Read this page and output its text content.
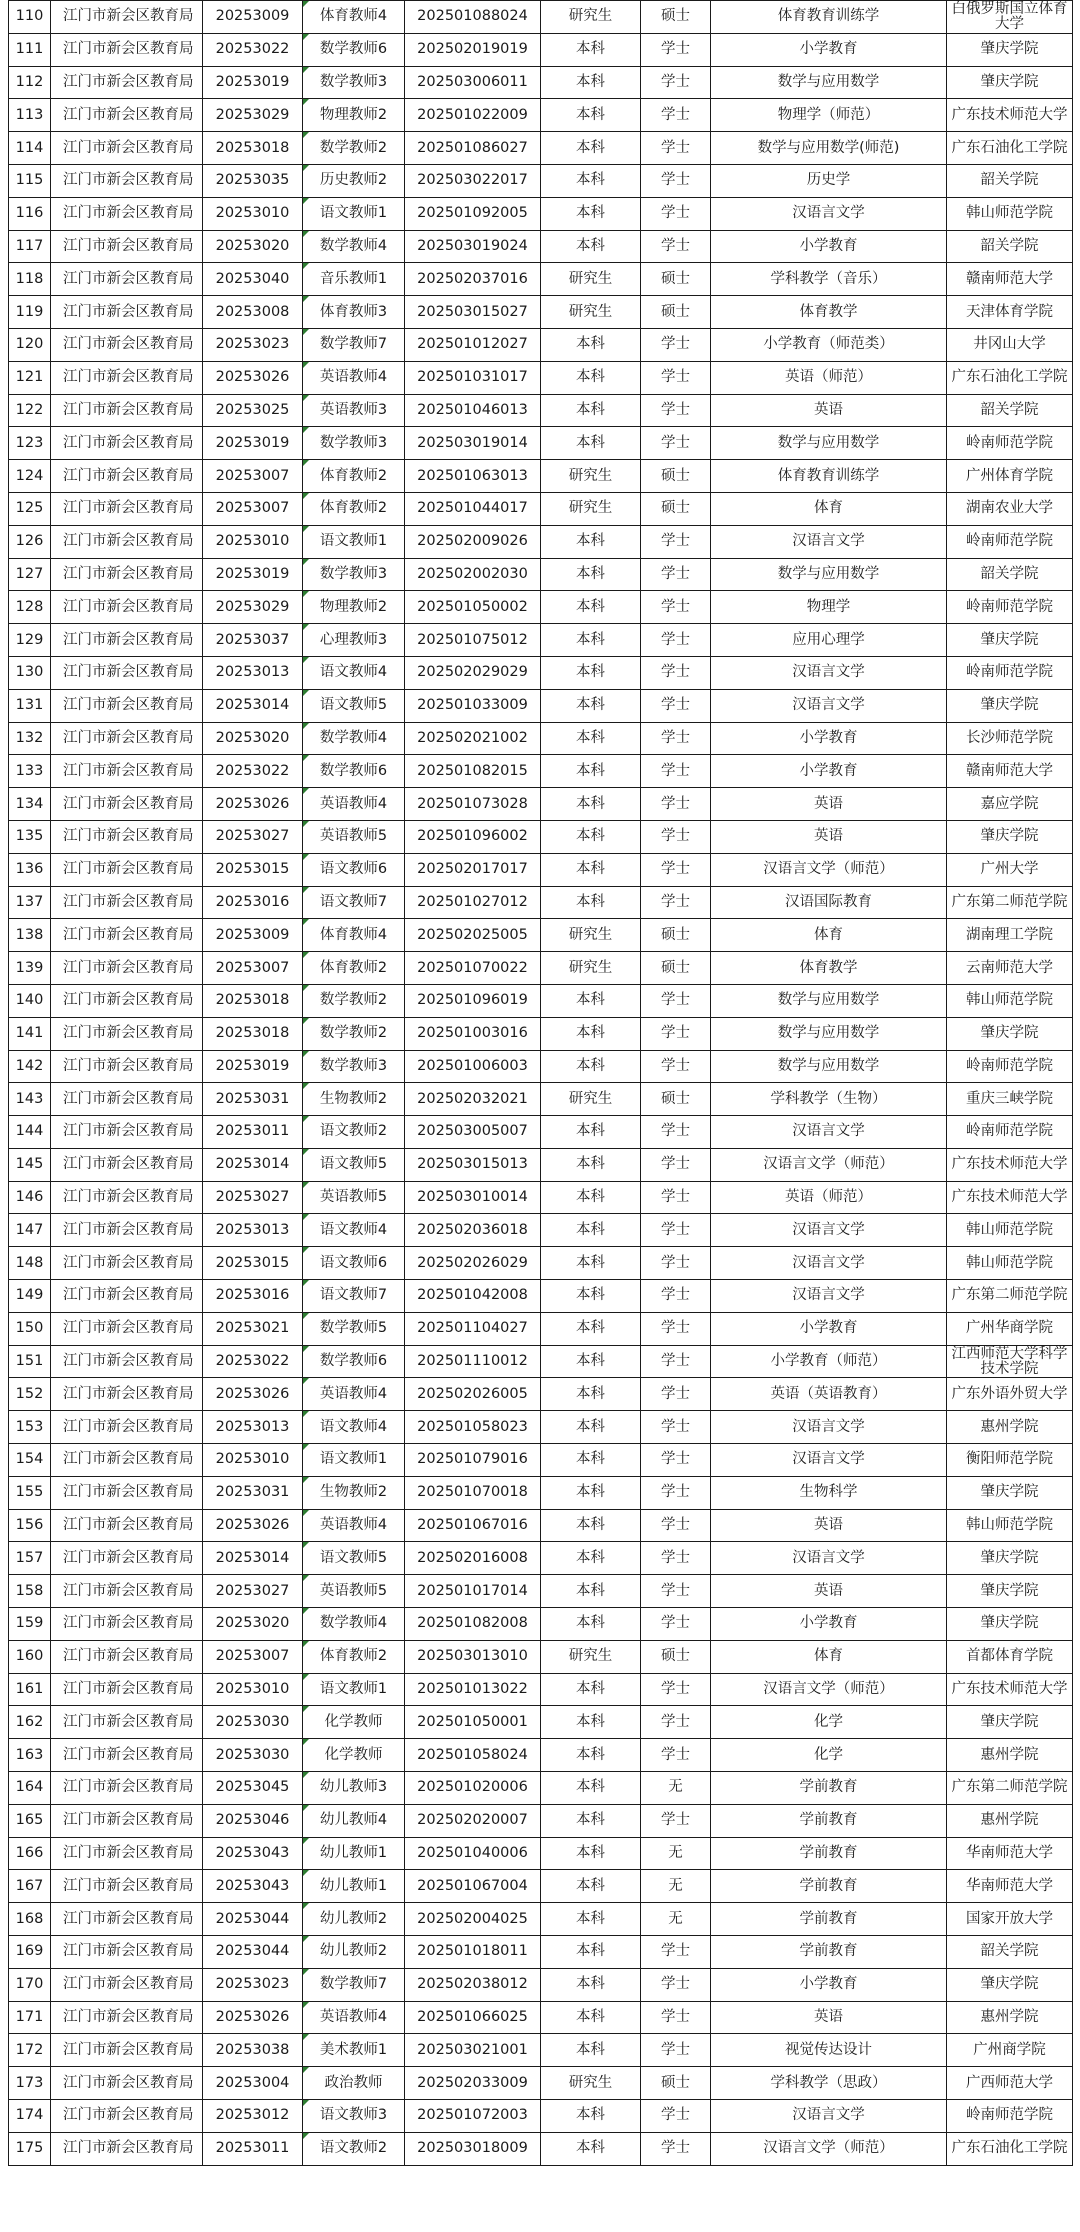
110	江门市新会区教育局	20253009	体育教师4	202501088024	研究生	硕士	体育教育训练学	白俄罗斯国立体育大学
111	江门市新会区教育局	20253022	数学教师6	202502019019	本科	学士	小学教育	肇庆学院
112	江门市新会区教育局	20253019	数学教师3	202503006011	本科	学士	数学与应用数学	肇庆学院
113	江门市新会区教育局	20253029	物理教师2	202501022009	本科	学士	物理学（师范）	广东技术师范大学
114	江门市新会区教育局	20253018	数学教师2	202501086027	本科	学士	数学与应用数学(师范)	广东石油化工学院
115	江门市新会区教育局	20253035	历史教师2	202503022017	本科	学士	历史学	韶关学院
116	江门市新会区教育局	20253010	语文教师1	202501092005	本科	学士	汉语言文学	韩山师范学院
117	江门市新会区教育局	20253020	数学教师4	202503019024	本科	学士	小学教育	韶关学院
118	江门市新会区教育局	20253040	音乐教师1	202502037016	研究生	硕士	学科教学（音乐）	赣南师范大学
119	江门市新会区教育局	20253008	体育教师3	202503015027	研究生	硕士	体育教学	天津体育学院
120	江门市新会区教育局	20253023	数学教师7	202501012027	本科	学士	小学教育（师范类）	井冈山大学
121	江门市新会区教育局	20253026	英语教师4	202501031017	本科	学士	英语（师范）	广东石油化工学院
122	江门市新会区教育局	20253025	英语教师3	202501046013	本科	学士	英语	韶关学院
123	江门市新会区教育局	20253019	数学教师3	202503019014	本科	学士	数学与应用数学	岭南师范学院
124	江门市新会区教育局	20253007	体育教师2	202501063013	研究生	硕士	体育教育训练学	广州体育学院
125	江门市新会区教育局	20253007	体育教师2	202501044017	研究生	硕士	体育	湖南农业大学
126	江门市新会区教育局	20253010	语文教师1	202502009026	本科	学士	汉语言文学	岭南师范学院
127	江门市新会区教育局	20253019	数学教师3	202502002030	本科	学士	数学与应用数学	韶关学院
128	江门市新会区教育局	20253029	物理教师2	202501050002	本科	学士	物理学	岭南师范学院
129	江门市新会区教育局	20253037	心理教师3	202501075012	本科	学士	应用心理学	肇庆学院
130	江门市新会区教育局	20253013	语文教师4	202502029029	本科	学士	汉语言文学	岭南师范学院
131	江门市新会区教育局	20253014	语文教师5	202501033009	本科	学士	汉语言文学	肇庆学院
132	江门市新会区教育局	20253020	数学教师4	202502021002	本科	学士	小学教育	长沙师范学院
133	江门市新会区教育局	20253022	数学教师6	202501082015	本科	学士	小学教育	赣南师范大学
134	江门市新会区教育局	20253026	英语教师4	202501073028	本科	学士	英语	嘉应学院
135	江门市新会区教育局	20253027	英语教师5	202501096002	本科	学士	英语	肇庆学院
136	江门市新会区教育局	20253015	语文教师6	202502017017	本科	学士	汉语言文学（师范）	广州大学
137	江门市新会区教育局	20253016	语文教师7	202501027012	本科	学士	汉语国际教育	广东第二师范学院
138	江门市新会区教育局	20253009	体育教师4	202502025005	研究生	硕士	体育	湖南理工学院
139	江门市新会区教育局	20253007	体育教师2	202501070022	研究生	硕士	体育教学	云南师范大学
140	江门市新会区教育局	20253018	数学教师2	202501096019	本科	学士	数学与应用数学	韩山师范学院
141	江门市新会区教育局	20253018	数学教师2	202501003016	本科	学士	数学与应用数学	肇庆学院
142	江门市新会区教育局	20253019	数学教师3	202501006003	本科	学士	数学与应用数学	岭南师范学院
143	江门市新会区教育局	20253031	生物教师2	202502032021	研究生	硕士	学科教学（生物）	重庆三峡学院
144	江门市新会区教育局	20253011	语文教师2	202503005007	本科	学士	汉语言文学	岭南师范学院
145	江门市新会区教育局	20253014	语文教师5	202503015013	本科	学士	汉语言文学（师范）	广东技术师范大学
146	江门市新会区教育局	20253027	英语教师5	202503010014	本科	学士	英语（师范）	广东技术师范大学
147	江门市新会区教育局	20253013	语文教师4	202502036018	本科	学士	汉语言文学	韩山师范学院
148	江门市新会区教育局	20253015	语文教师6	202502026029	本科	学士	汉语言文学	韩山师范学院
149	江门市新会区教育局	20253016	语文教师7	202501042008	本科	学士	汉语言文学	广东第二师范学院
150	江门市新会区教育局	20253021	数学教师5	202501104027	本科	学士	小学教育	广州华商学院
151	江门市新会区教育局	20253022	数学教师6	202501110012	本科	学士	小学教育（师范）	江西师范大学科学技术学院
152	江门市新会区教育局	20253026	英语教师4	202502026005	本科	学士	英语（英语教育）	广东外语外贸大学
153	江门市新会区教育局	20253013	语文教师4	202501058023	本科	学士	汉语言文学	惠州学院
154	江门市新会区教育局	20253010	语文教师1	202501079016	本科	学士	汉语言文学	衡阳师范学院
155	江门市新会区教育局	20253031	生物教师2	202501070018	本科	学士	生物科学	肇庆学院
156	江门市新会区教育局	20253026	英语教师4	202501067016	本科	学士	英语	韩山师范学院
157	江门市新会区教育局	20253014	语文教师5	202502016008	本科	学士	汉语言文学	肇庆学院
158	江门市新会区教育局	20253027	英语教师5	202501017014	本科	学士	英语	肇庆学院
159	江门市新会区教育局	20253020	数学教师4	202501082008	本科	学士	小学教育	肇庆学院
160	江门市新会区教育局	20253007	体育教师2	202503013010	研究生	硕士	体育	首都体育学院
161	江门市新会区教育局	20253010	语文教师1	202501013022	本科	学士	汉语言文学（师范）	广东技术师范大学
162	江门市新会区教育局	20253030	化学教师	202501050001	本科	学士	化学	肇庆学院
163	江门市新会区教育局	20253030	化学教师	202501058024	本科	学士	化学	惠州学院
164	江门市新会区教育局	20253045	幼儿教师3	202501020006	本科	无	学前教育	广东第二师范学院
165	江门市新会区教育局	20253046	幼儿教师4	202502020007	本科	学士	学前教育	惠州学院
166	江门市新会区教育局	20253043	幼儿教师1	202501040006	本科	无	学前教育	华南师范大学
167	江门市新会区教育局	20253043	幼儿教师1	202501067004	本科	无	学前教育	华南师范大学
168	江门市新会区教育局	20253044	幼儿教师2	202502004025	本科	无	学前教育	国家开放大学
169	江门市新会区教育局	20253044	幼儿教师2	202501018011	本科	学士	学前教育	韶关学院
170	江门市新会区教育局	20253023	数学教师7	202502038012	本科	学士	小学教育	肇庆学院
171	江门市新会区教育局	20253026	英语教师4	202501066025	本科	学士	英语	惠州学院
172	江门市新会区教育局	20253038	美术教师1	202503021001	本科	学士	视觉传达设计	广州商学院
173	江门市新会区教育局	20253004	政治教师	202502033009	研究生	硕士	学科教学（思政）	广西师范大学
174	江门市新会区教育局	20253012	语文教师3	202501072003	本科	学士	汉语言文学	岭南师范学院
175	江门市新会区教育局	20253011	语文教师2	202503018009	本科	学士	汉语言文学（师范）	广东石油化工学院
